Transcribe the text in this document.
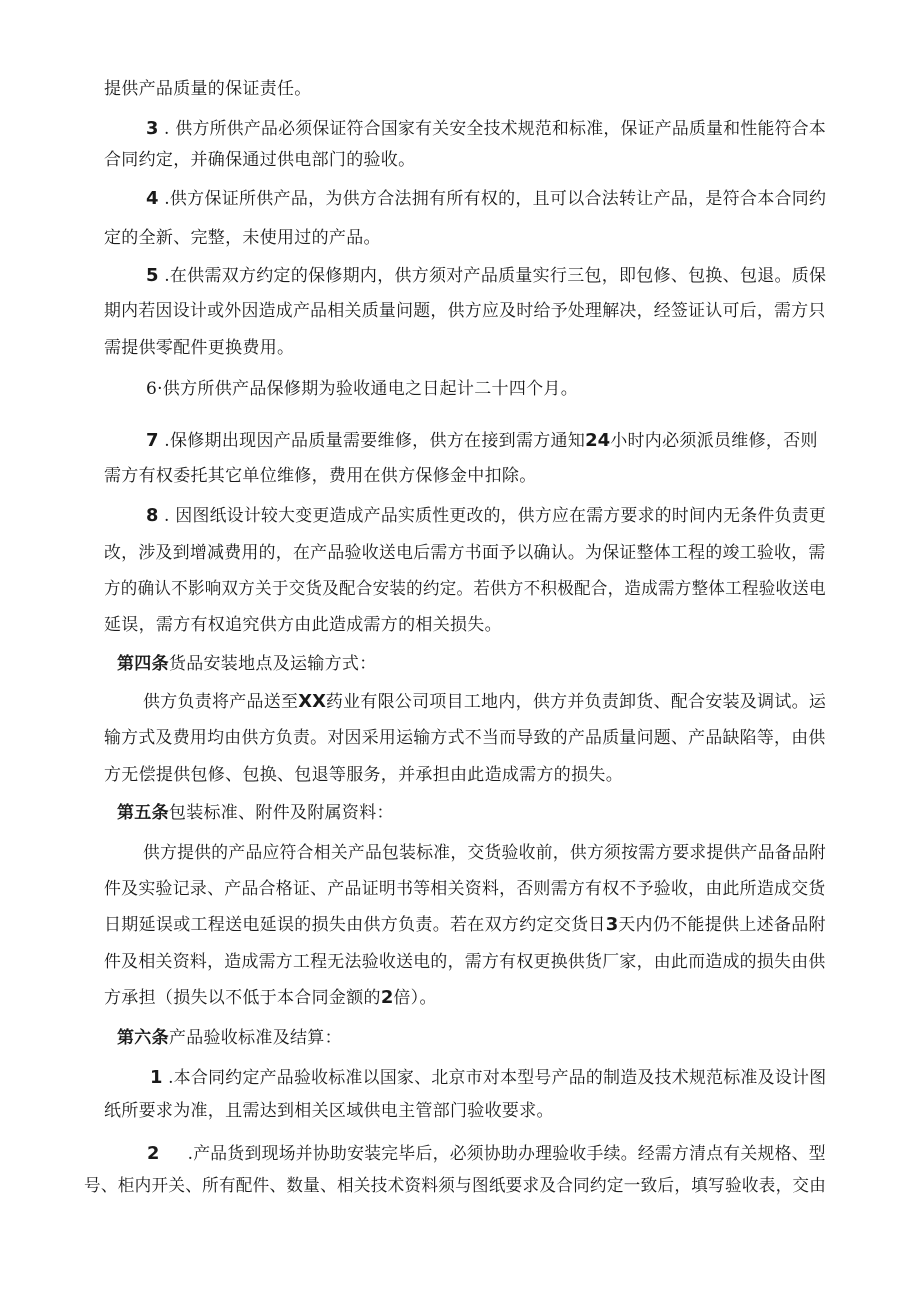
提供产品质量的保证责任。
3 . 供方所供产品必须保证符合国家有关安全技术规范和标准，保证产品质量和性能符合本
合同约定，并确保通过供电部门的验收。
4 .供方保证所供产品，为供方合法拥有所有权的，且可以合法转让产品，是符合本合同约
定的全新、完整，未使用过的产品。
5 .在供需双方约定的保修期内，供方须对产品质量实行三包，即包修、包换、包退。质保
期内若因设计或外因造成产品相关质量问题，供方应及时给予处理解决，经签证认可后，需方只
需提供零配件更换费用。
6·供方所供产品保修期为验收通电之日起计二十四个月。
7 .保修期出现因产品质量需要维修，供方在接到需方通知24小时内必须派员维修，否则
需方有权委托其它单位维修，费用在供方保修金中扣除。
8 . 因图纸设计较大变更造成产品实质性更改的，供方应在需方要求的时间内无条件负责更
改，涉及到增减费用的，在产品验收送电后需方书面予以确认。为保证整体工程的竣工验收，需
方的确认不影响双方关于交货及配合安装的约定。若供方不积极配合，造成需方整体工程验收送电
延误，需方有权追究供方由此造成需方的相关损失。
第四条货品安装地点及运输方式：
供方负责将产品送至XX药业有限公司项目工地内，供方并负责卸货、配合安装及调试。运
输方式及费用均由供方负责。对因采用运输方式不当而导致的产品质量问题、产品缺陷等，由供
方无偿提供包修、包换、包退等服务，并承担由此造成需方的损失。
第五条包装标准、附件及附属资料：
供方提供的产品应符合相关产品包装标准，交货验收前，供方须按需方要求提供产品备品附
件及实验记录、产品合格证、产品证明书等相关资料，否则需方有权不予验收，由此所造成交货
日期延误或工程送电延误的损失由供方负责。若在双方约定交货日3天内仍不能提供上述备品附
件及相关资料，造成需方工程无法验收送电的，需方有权更换供货厂家，由此而造成的损失由供
方承担（损失以不低于本合同金额的2倍）。
第六条产品验收标准及结算：
1 .本合同约定产品验收标准以国家、北京市对本型号产品的制造及技术规范标准及设计图
纸所要求为准，且需达到相关区域供电主管部门验收要求。
2     .产品货到现场并协助安装完毕后，必须协助办理验收手续。经需方清点有关规格、型
号、柜内开关、所有配件、数量、相关技术资料须与图纸要求及合同约定一致后，填写验收表，交由
